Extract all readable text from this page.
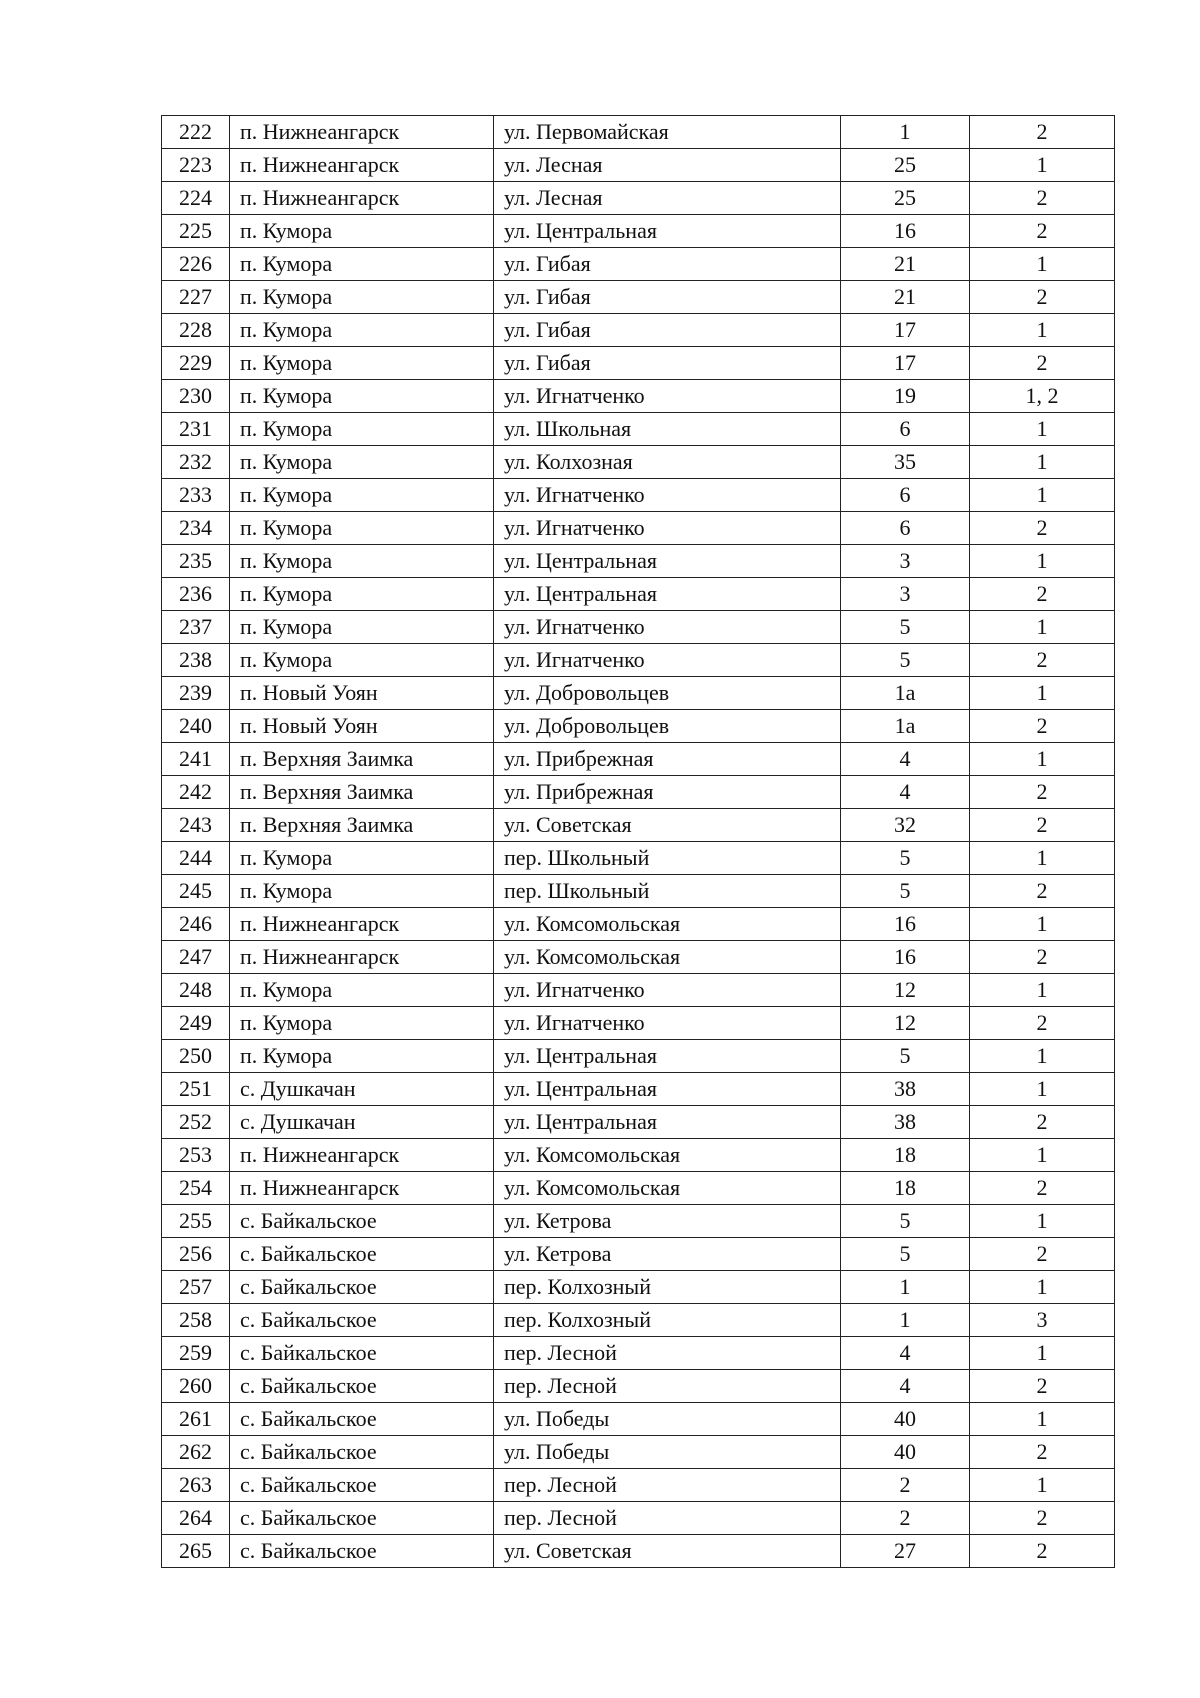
222	п. Нижнеангарск	ул. Первомайская	1	2
223	п. Нижнеангарск	ул. Лесная	25	1
224	п. Нижнеангарск	ул. Лесная	25	2
225	п. Кумора	ул. Центральная	16	2
226	п. Кумора	ул. Гибая	21	1
227	п. Кумора	ул. Гибая	21	2
228	п. Кумора	ул. Гибая	17	1
229	п. Кумора	ул. Гибая	17	2
230	п. Кумора	ул. Игнатченко	19	1, 2
231	п. Кумора	ул. Школьная	6	1
232	п. Кумора	ул. Колхозная	35	1
233	п. Кумора	ул. Игнатченко	6	1
234	п. Кумора	ул. Игнатченко	6	2
235	п. Кумора	ул. Центральная	3	1
236	п. Кумора	ул. Центральная	3	2
237	п. Кумора	ул. Игнатченко	5	1
238	п. Кумора	ул. Игнатченко	5	2
239	п. Новый Уоян	ул. Добровольцев	1а	1
240	п. Новый Уоян	ул. Добровольцев	1а	2
241	п. Верхняя Заимка	ул. Прибрежная	4	1
242	п. Верхняя Заимка	ул. Прибрежная	4	2
243	п. Верхняя Заимка	ул. Советская	32	2
244	п. Кумора	пер. Школьный	5	1
245	п. Кумора	пер. Школьный	5	2
246	п. Нижнеангарск	ул. Комсомольская	16	1
247	п. Нижнеангарск	ул. Комсомольская	16	2
248	п. Кумора	ул. Игнатченко	12	1
249	п. Кумора	ул. Игнатченко	12	2
250	п. Кумора	ул. Центральная	5	1
251	с. Душкачан	ул. Центральная	38	1
252	с. Душкачан	ул. Центральная	38	2
253	п. Нижнеангарск	ул. Комсомольская	18	1
254	п. Нижнеангарск	ул. Комсомольская	18	2
255	с. Байкальское	ул. Кетрова	5	1
256	с. Байкальское	ул. Кетрова	5	2
257	с. Байкальское	пер. Колхозный	1	1
258	с. Байкальское	пер. Колхозный	1	3
259	с. Байкальское	пер. Лесной	4	1
260	с. Байкальское	пер. Лесной	4	2
261	с. Байкальское	ул. Победы	40	1
262	с. Байкальское	ул. Победы	40	2
263	с. Байкальское	пер. Лесной	2	1
264	с. Байкальское	пер. Лесной	2	2
265	с. Байкальское	ул. Советская	27	2
